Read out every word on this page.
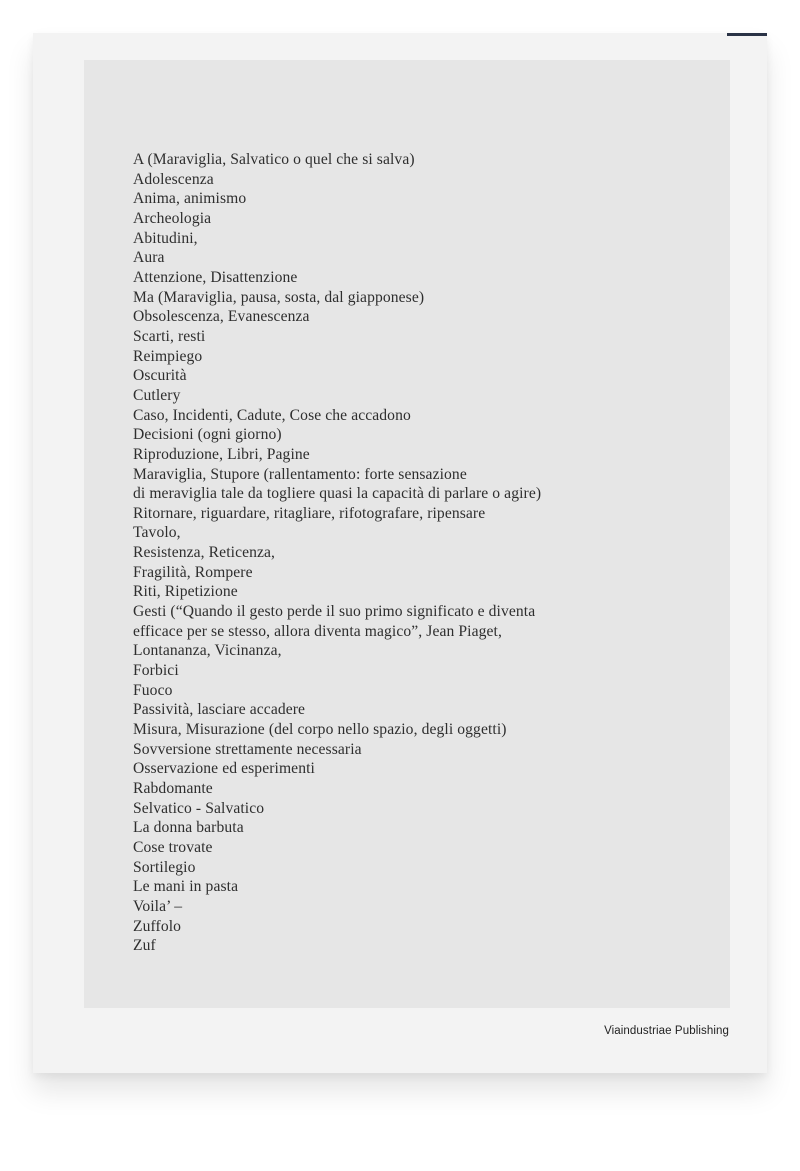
A (Maraviglia, Salvatico o quel che si salva)
Adolescenza
Anima, animismo
Archeologia
Abitudini,
Aura
Attenzione, Disattenzione
Ma (Maraviglia, pausa, sosta, dal giapponese)
Obsolescenza, Evanescenza
Scarti, resti
Reimpiego
Oscurità
Cutlery
Caso, Incidenti, Cadute, Cose che accadono
Decisioni (ogni giorno)
Riproduzione, Libri, Pagine
Maraviglia, Stupore (rallentamento: forte sensazione
di meraviglia tale da togliere quasi la capacità di parlare o agire)
Ritornare, riguardare, ritagliare, rifotografare, ripensare
Tavolo,
Resistenza, Reticenza,
Fragilità, Rompere
Riti, Ripetizione
Gesti (“Quando il gesto perde il suo primo significato e diventa
efficace per se stesso, allora diventa magico”, Jean Piaget,
Lontananza, Vicinanza,
Forbici
Fuoco
Passività, lasciare accadere
Misura, Misurazione (del corpo nello spazio, degli oggetti)
Sovversione strettamente necessaria
Osservazione ed esperimenti
Rabdomante
Selvatico - Salvatico
La donna barbuta
Cose trovate
Sortilegio
Le mani in pasta
Voila’ –
Zuffolo
Zuf
Viaindustriae Publishing
